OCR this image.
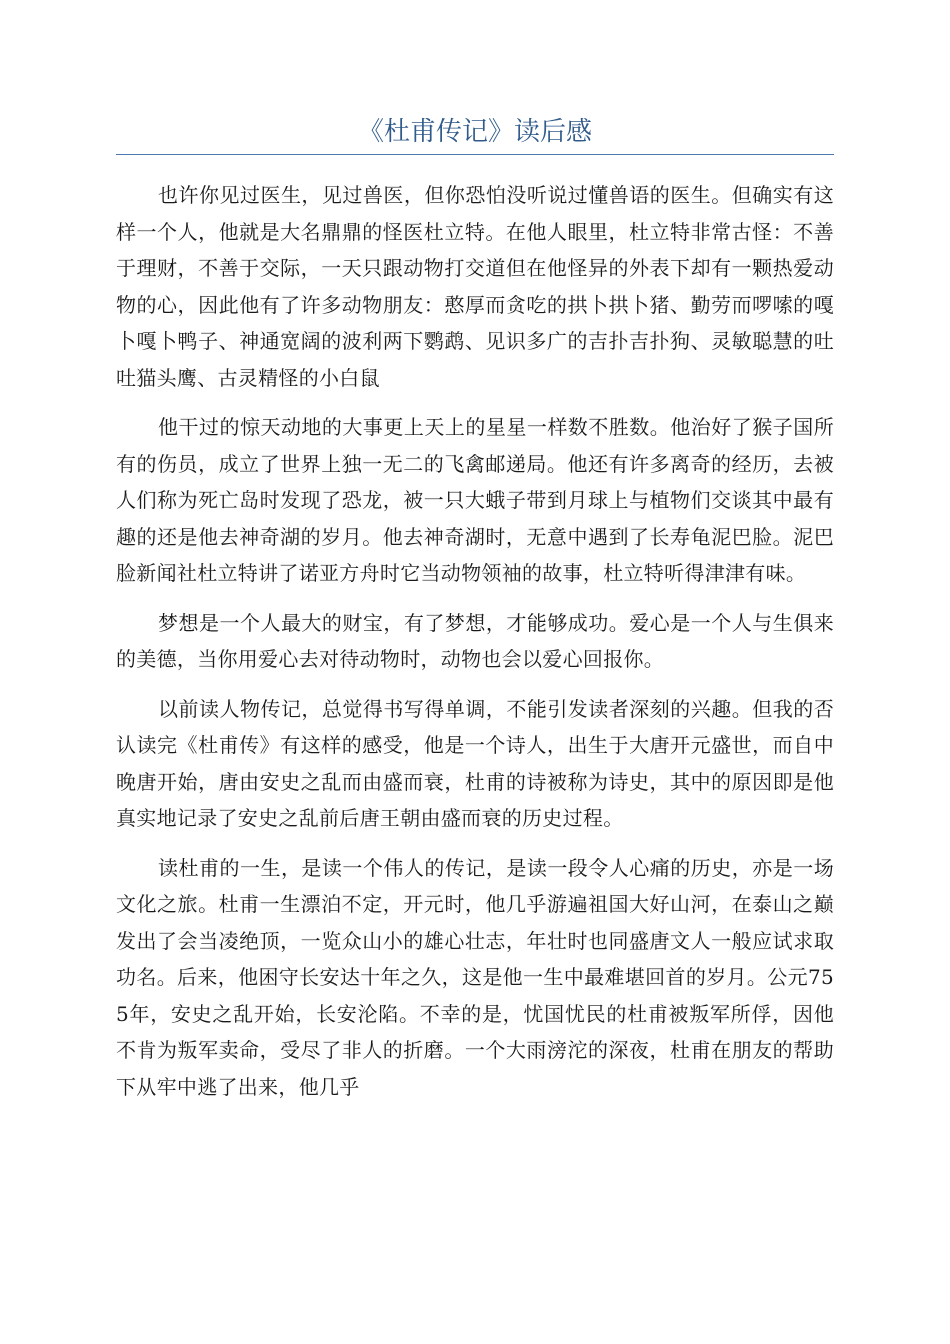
《杜甫传记》读后感

也许你见过医生，见过兽医，但你恐怕没听说过懂兽语的医生。但确实有这样一个人，他就是大名鼎鼎的怪医杜立特。在他人眼里，杜立特非常古怪：不善于理财，不善于交际，一天只跟动物打交道但在他怪异的外表下却有一颗热爱动物的心，因此他有了许多动物朋友：憨厚而贪吃的拱卜拱卜猪、勤劳而啰嗦的嘎卜嘎卜鸭子、神通宽阔的波利两下鹦鹉、见识多广的吉扑吉扑狗、灵敏聪慧的吐吐猫头鹰、古灵精怪的小白鼠

他干过的惊天动地的大事更上天上的星星一样数不胜数。他治好了猴子国所有的伤员，成立了世界上独一无二的飞禽邮递局。他还有许多离奇的经历，去被人们称为死亡岛时发现了恐龙，被一只大蛾子带到月球上与植物们交谈其中最有趣的还是他去神奇湖的岁月。他去神奇湖时，无意中遇到了长寿龟泥巴脸。泥巴脸新闻社杜立特讲了诺亚方舟时它当动物领袖的故事，杜立特听得津津有味。

梦想是一个人最大的财宝，有了梦想，才能够成功。爱心是一个人与生俱来的美德，当你用爱心去对待动物时，动物也会以爱心回报你。

以前读人物传记，总觉得书写得单调，不能引发读者深刻的兴趣。但我的否认读完《杜甫传》有这样的感受，他是一个诗人，出生于大唐开元盛世，而自中晚唐开始，唐由安史之乱而由盛而衰，杜甫的诗被称为诗史，其中的原因即是他真实地记录了安史之乱前后唐王朝由盛而衰的历史过程。

读杜甫的一生，是读一个伟人的传记，是读一段令人心痛的历史，亦是一场文化之旅。杜甫一生漂泊不定，开元时，他几乎游遍祖国大好山河，在泰山之巅发出了会当凌绝顶，一览众山小的雄心壮志，年壮时也同盛唐文人一般应试求取功名。后来，他困守长安达十年之久，这是他一生中最难堪回首的岁月。公元755年，安史之乱开始，长安沦陷。不幸的是，忧国忧民的杜甫被叛军所俘，因他不肯为叛军卖命，受尽了非人的折磨。一个大雨滂沱的深夜，杜甫在朋友的帮助下从牢中逃了出来，他几乎
